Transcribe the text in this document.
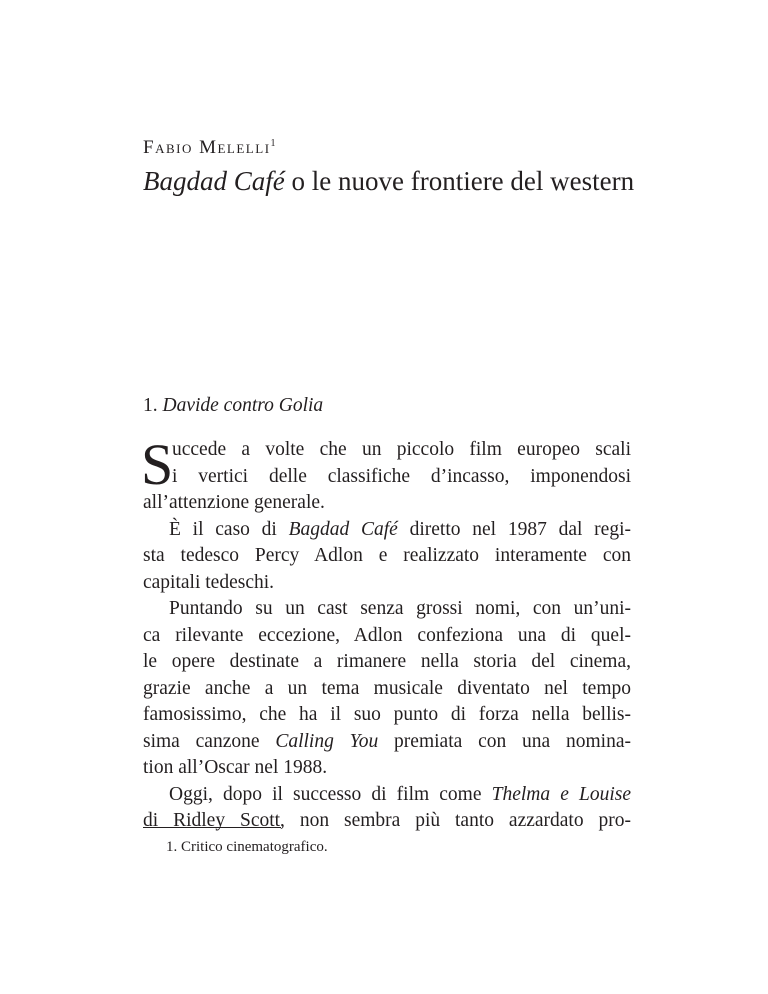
Fabio Melelli$^1$
Bagdad Café o le nuove frontiere del western
1. Davide contro Golia
S
uccede a volte che un piccolo film europeo scali
i vertici delle classifiche d’incasso, imponendosi
all’attenzione generale.
È il caso di Bagdad Café diretto nel 1987 dal regi-
sta tedesco Percy Adlon e realizzato interamente con
capitali tedeschi.
Puntando su un cast senza grossi nomi, con un’uni-
ca rilevante eccezione, Adlon confeziona una di quel-
le opere destinate a rimanere nella storia del cinema,
grazie anche a un tema musicale diventato nel tempo
famosissimo, che ha il suo punto di forza nella bellis-
sima canzone Calling You premiata con una nomina-
tion all’Oscar nel 1988.
Oggi, dopo il successo di film come Thelma e Louise
di Ridley Scott, non sembra più tanto azzardato pro-
1. Critico cinematografico.
